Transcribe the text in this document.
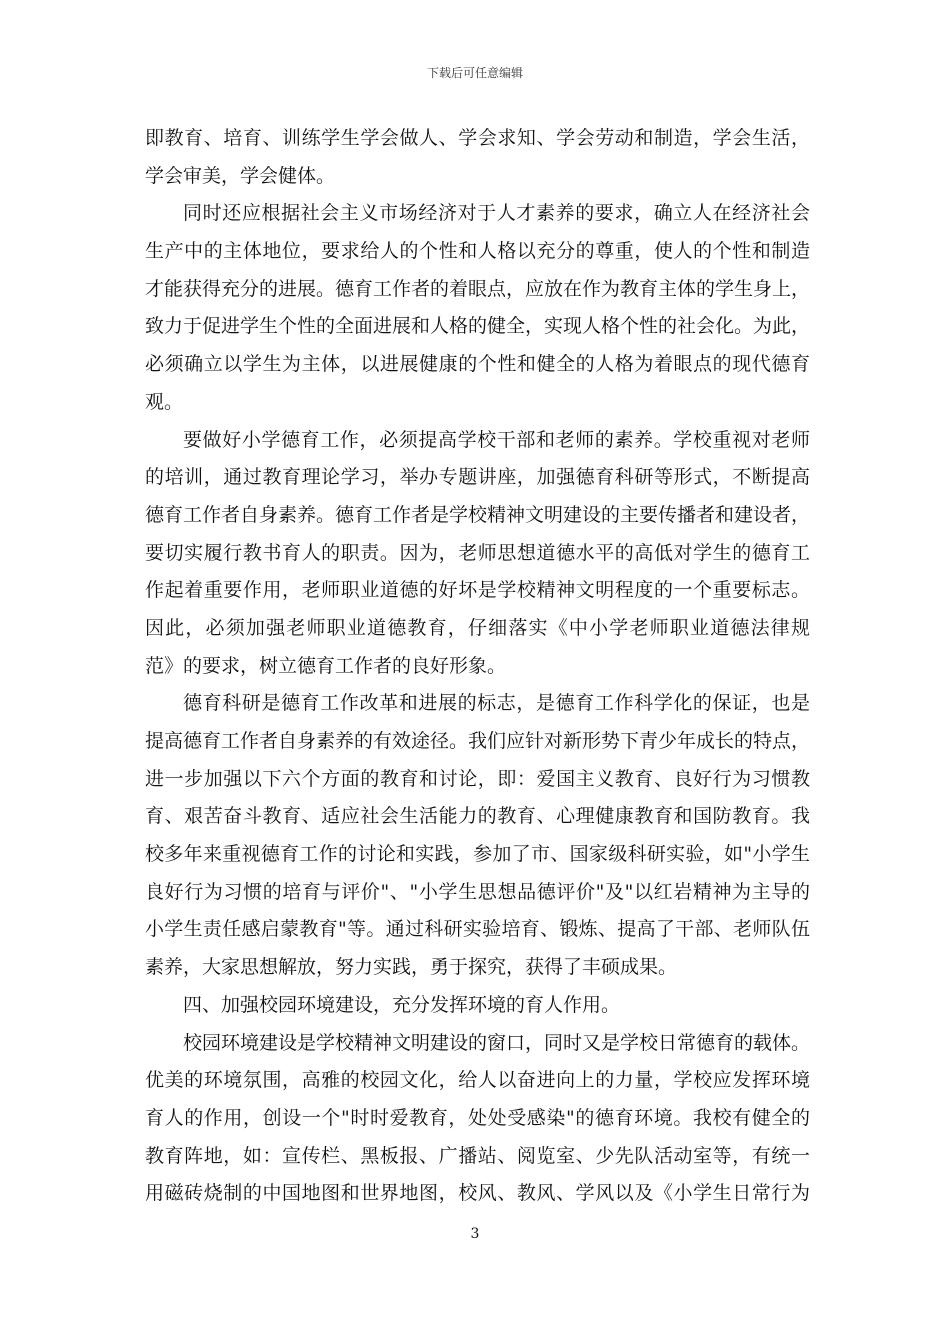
下载后可任意编辑
即教育、培育、训练学生学会做人、学会求知、学会劳动和制造，学会生活，
学会审美，学会健体。
同时还应根据社会主义市场经济对于人才素养的要求，确立人在经济社会
生产中的主体地位，要求给人的个性和人格以充分的尊重，使人的个性和制造
才能获得充分的进展。德育工作者的着眼点，应放在作为教育主体的学生身上，
致力于促进学生个性的全面进展和人格的健全，实现人格个性的社会化。为此，
必须确立以学生为主体，以进展健康的个性和健全的人格为着眼点的现代德育
观。
要做好小学德育工作，必须提高学校干部和老师的素养。学校重视对老师
的培训，通过教育理论学习，举办专题讲座，加强德育科研等形式，不断提高
德育工作者自身素养。德育工作者是学校精神文明建设的主要传播者和建设者，
要切实履行教书育人的职责。因为，老师思想道德水平的高低对学生的德育工
作起着重要作用，老师职业道德的好坏是学校精神文明程度的一个重要标志。
因此，必须加强老师职业道德教育，仔细落实《中小学老师职业道德法律规
范》的要求，树立德育工作者的良好形象。
德育科研是德育工作改革和进展的标志，是德育工作科学化的保证，也是
提高德育工作者自身素养的有效途径。我们应针对新形势下青少年成长的特点，
进一步加强以下六个方面的教育和讨论，即：爱国主义教育、良好行为习惯教
育、艰苦奋斗教育、适应社会生活能力的教育、心理健康教育和国防教育。我
校多年来重视德育工作的讨论和实践，参加了市、国家级科研实验，如"小学生
良好行为习惯的培育与评价"、"小学生思想品德评价"及"以红岩精神为主导的
小学生责任感启蒙教育"等。通过科研实验培育、锻炼、提高了干部、老师队伍
素养，大家思想解放，努力实践，勇于探究，获得了丰硕成果。
四、加强校园环境建设，充分发挥环境的育人作用。
校园环境建设是学校精神文明建设的窗口，同时又是学校日常德育的载体。
优美的环境氛围，高雅的校园文化，给人以奋进向上的力量，学校应发挥环境
育人的作用，创设一个"时时爱教育，处处受感染"的德育环境。我校有健全的
教育阵地，如：宣传栏、黑板报、广播站、阅览室、少先队活动室等，有统一
用磁砖烧制的中国地图和世界地图，校风、教风、学风以及《小学生日常行为
3
